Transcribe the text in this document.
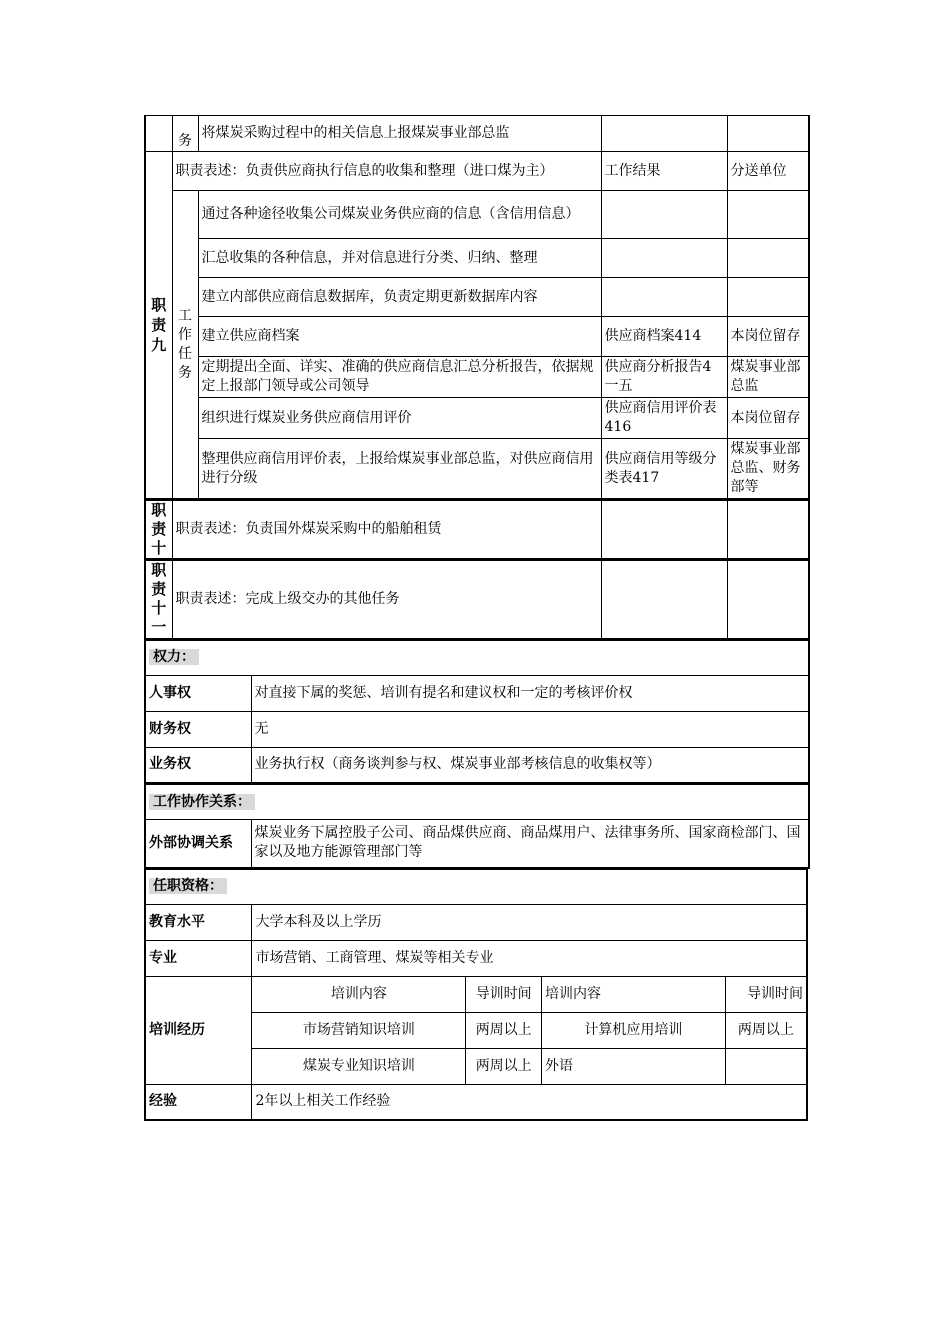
	务	将煤炭采购过程中的相关信息上报煤炭事业部总监		

职
责
九	职责表述：负责供应商执行信息的收集和整理（进口煤为主）		工作结果	分送单位

	工
作
任
务	通过各种途径收集公司煤炭业务供应商的信息（含信用信息）		
		汇总收集的各种信息，并对信息进行分类、归纳、整理		
		建立内部供应商信息数据库，负责定期更新数据库内容		
		建立供应商档案	供应商档案414	本岗位留存
		定期提出全面、详实、准确的供应商信息汇总分析报告，依据规定上报部门领导或公司领导	供应商分析报告4一五	煤炭事业部总监
		组织进行煤炭业务供应商信用评价	供应商信用评价表416	本岗位留存
		整理供应商信用评价表，上报给煤炭事业部总监，对供应商信用进行分级	供应商信用等级分类表417	煤炭事业部总监、财务部等
职
责
十
	职责表述：负责国外煤炭采购中的船舶租赁		
职
责
十
一
	职责表述：完成上级交办的其他任务		
权力：	
人事权	对直接下属的奖惩、培训有提名和建议权和一定的考核评价权
财务权	无
业务权	业务执行权（商务谈判参与权、煤炭事业部考核信息的收集权等）
工作协作关系：
外部协调关系	煤炭业务下属控股子公司、商品煤供应商、商品煤用户、法律事务所、国家商检部门、国家以及地方能源管理部门等
任职资格：				
教育水平	大学本科及以上学历			
专业	市场营销、工商管理、煤炭等相关专业			
培训经历	培训内容	导训时间	培训内容	导训时间
	市场营销知识培训	两周以上	计算机应用培训	两周以上
	煤炭专业知识培训	两周以上	外语	
经验	2年以上相关工作经验			
